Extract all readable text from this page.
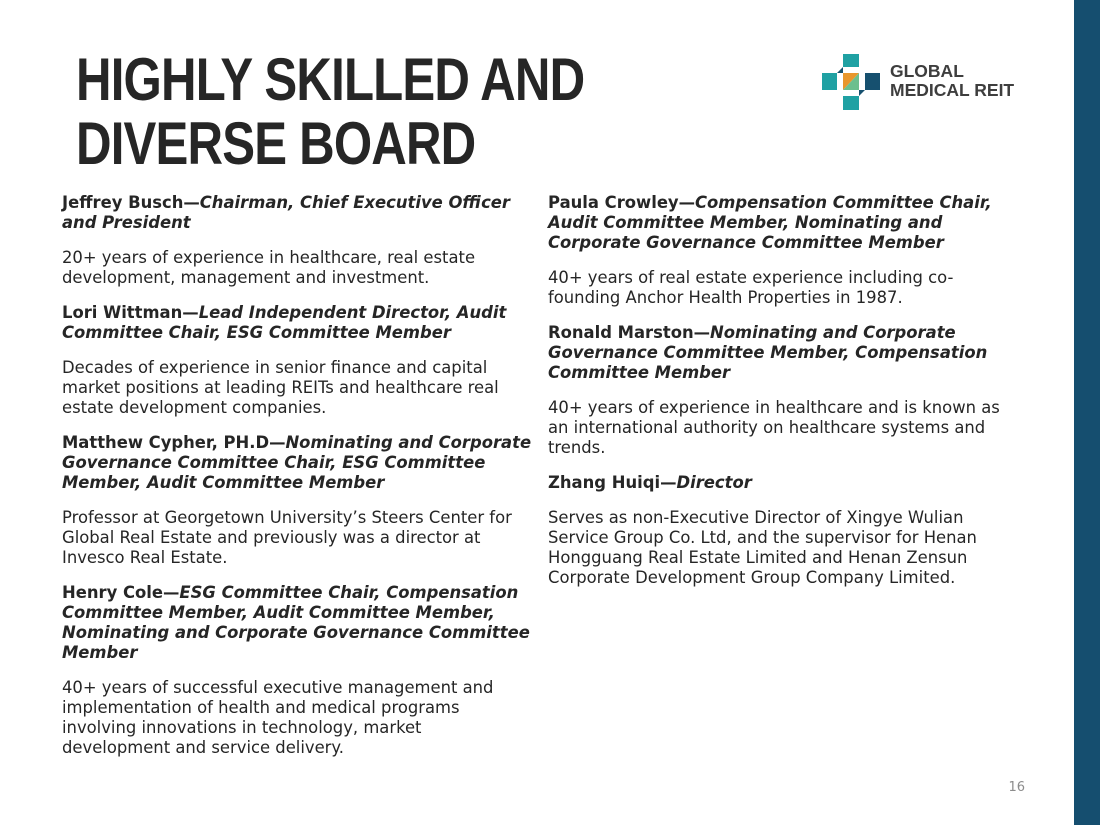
HIGHLY SKILLED AND
DIVERSE BOARD
GLOBAL
MEDICAL REIT

Jeffrey Busch—Chairman, Chief Executive Officer and President

20+ years of experience in healthcare, real estate development, management and investment.

Lori Wittman—Lead Independent Director, Audit Committee Chair, ESG Committee Member

Decades of experience in senior finance and capital market positions at leading REITs and healthcare real estate development companies.

Matthew Cypher, PH.D—Nominating and Corporate Governance Committee Chair, ESG Committee Member, Audit Committee Member

Professor at Georgetown University’s Steers Center for Global Real Estate and previously was a director at Invesco Real Estate.

Henry Cole—ESG Committee Chair, Compensation Committee Member, Audit Committee Member, Nominating and Corporate Governance Committee Member

40+ years of successful executive management and implementation of health and medical programs involving innovations in technology, market development and service delivery.

Paula Crowley—Compensation Committee Chair, Audit Committee Member, Nominating and Corporate Governance Committee Member

40+ years of real estate experience including co-founding Anchor Health Properties in 1987.

Ronald Marston—Nominating and Corporate Governance Committee Member, Compensation Committee Member

40+ years of experience in healthcare and is known as an international authority on healthcare systems and trends.

Zhang Huiqi—Director

Serves as non-Executive Director of Xingye Wulian Service Group Co. Ltd, and the supervisor for Henan Hongguang Real Estate Limited and Henan Zensun Corporate Development Group Company Limited.

16
